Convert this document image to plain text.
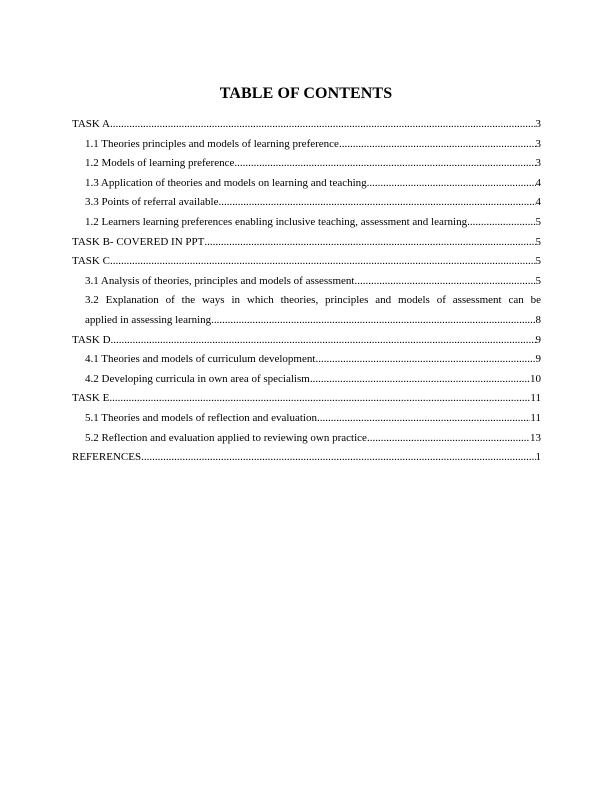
TABLE OF CONTENTS
TASK A .....	3
1.1 Theories principles and models of learning preference .....	3
1.2 Models of learning preference .....	3
1.3 Application of theories and models on learning and teaching .....	4
3.3 Points of referral available .....	4
1.2 Learners learning preferences enabling inclusive teaching, assessment and learning .....	5
TASK B- COVERED IN PPT .....	5
TASK C .....	5
3.1 Analysis of theories, principles and models of assessment .....	5
3.2 Explanation of the ways in which theories, principles and models of assessment can be
applied in assessing learning .....	8
TASK D .....	9
4.1 Theories and models of curriculum development .....	9
4.2 Developing curricula in own area of specialism .....	10
TASK E .....	11
5.1 Theories and models of reflection and evaluation .....	11
5.2 Reflection and evaluation applied to reviewing own practice .....	13
REFERENCES .....	1
